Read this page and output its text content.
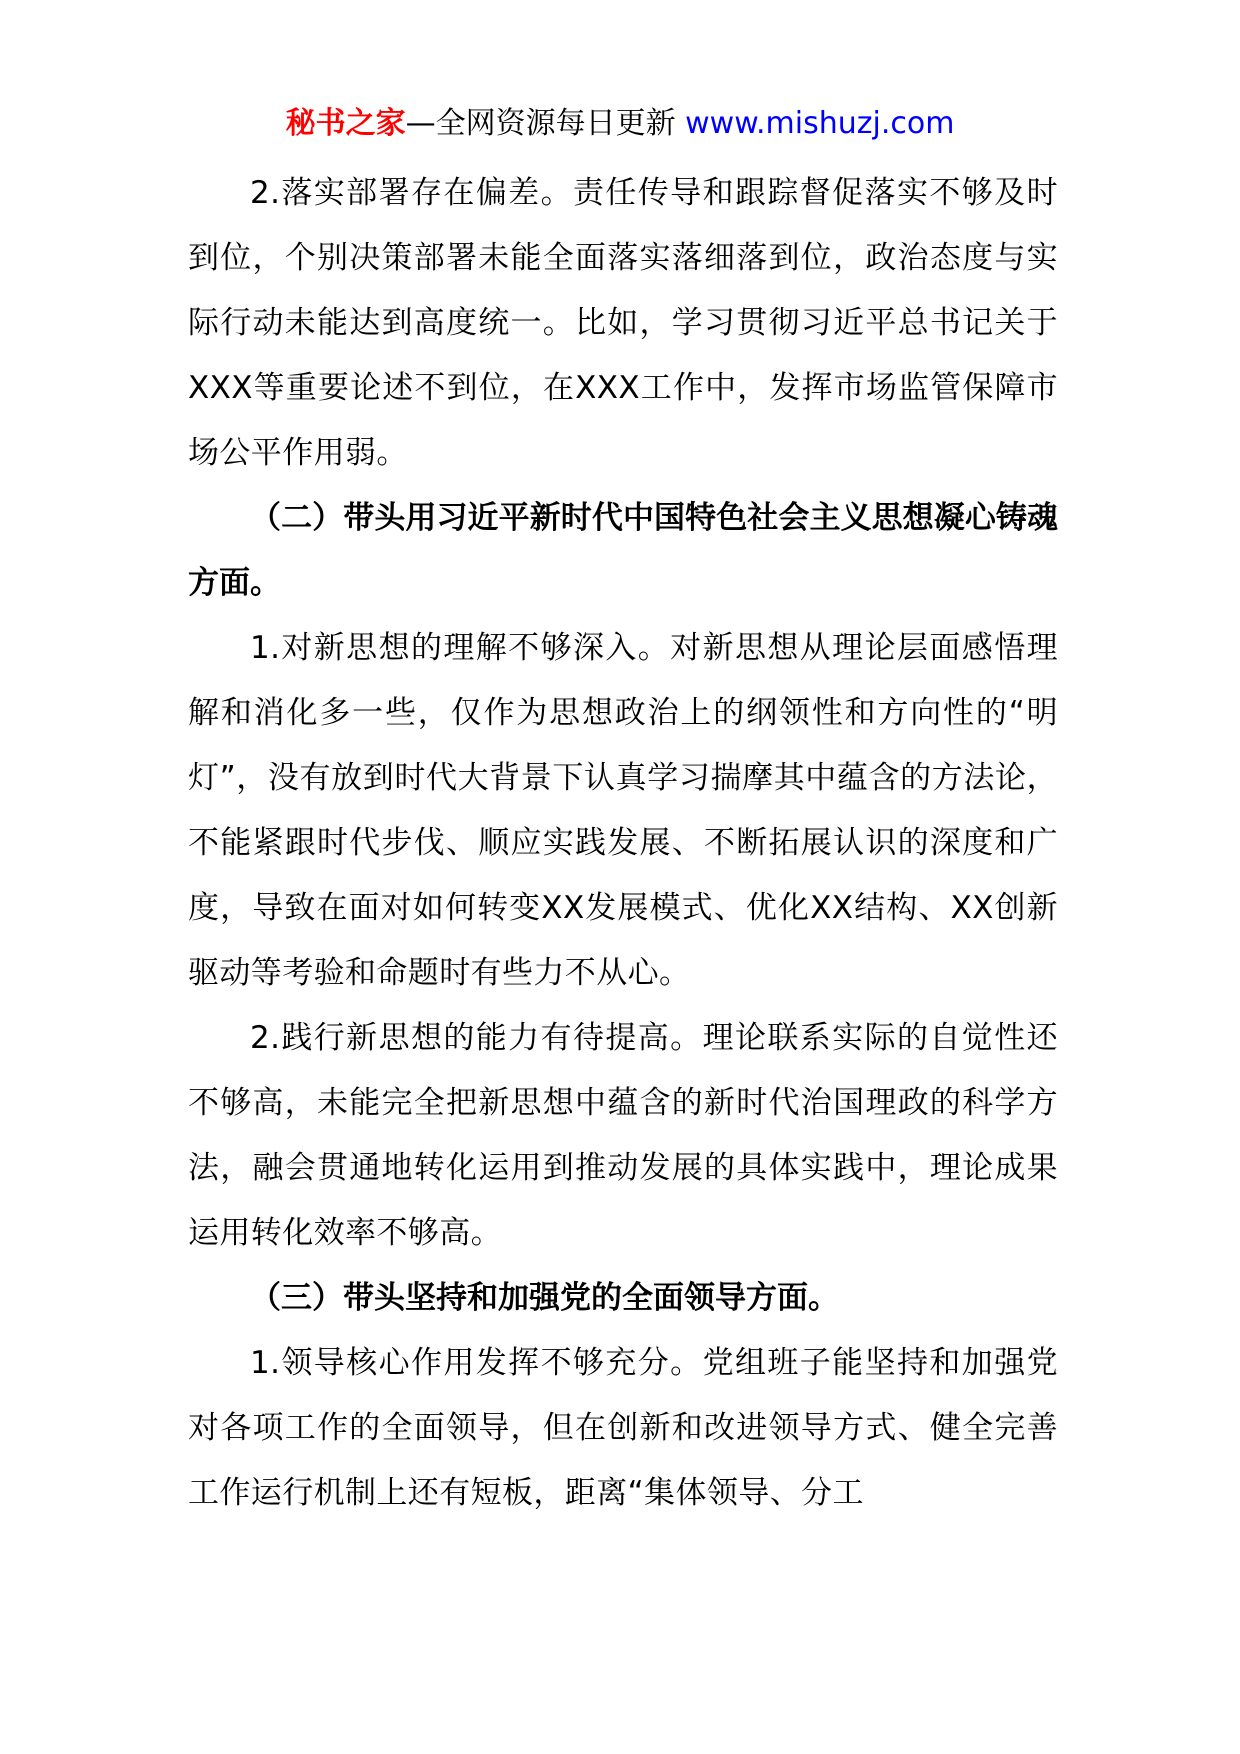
秘书之家—全网资源每日更新 www.mishuzj.com

2.落实部署存在偏差。责任传导和跟踪督促落实不够及时到位，个别决策部署未能全面落实落细落到位，政治态度与实际行动未能达到高度统一。比如，学习贯彻习近平总书记关于XXX等重要论述不到位，在XXX工作中，发挥市场监管保障市场公平作用弱。

（二）带头用习近平新时代中国特色社会主义思想凝心铸魂方面。

1.对新思想的理解不够深入。对新思想从理论层面感悟理解和消化多一些，仅作为思想政治上的纲领性和方向性的“明灯”，没有放到时代大背景下认真学习揣摩其中蕴含的方法论，不能紧跟时代步伐、顺应实践发展、不断拓展认识的深度和广度，导致在面对如何转变XX发展模式、优化XX结构、XX创新驱动等考验和命题时有些力不从心。

2.践行新思想的能力有待提高。理论联系实际的自觉性还不够高，未能完全把新思想中蕴含的新时代治国理政的科学方法，融会贯通地转化运用到推动发展的具体实践中，理论成果运用转化效率不够高。

（三）带头坚持和加强党的全面领导方面。

1.领导核心作用发挥不够充分。党组班子能坚持和加强党对各项工作的全面领导，但在创新和改进领导方式、健全完善工作运行机制上还有短板，距离“集体领导、分工
